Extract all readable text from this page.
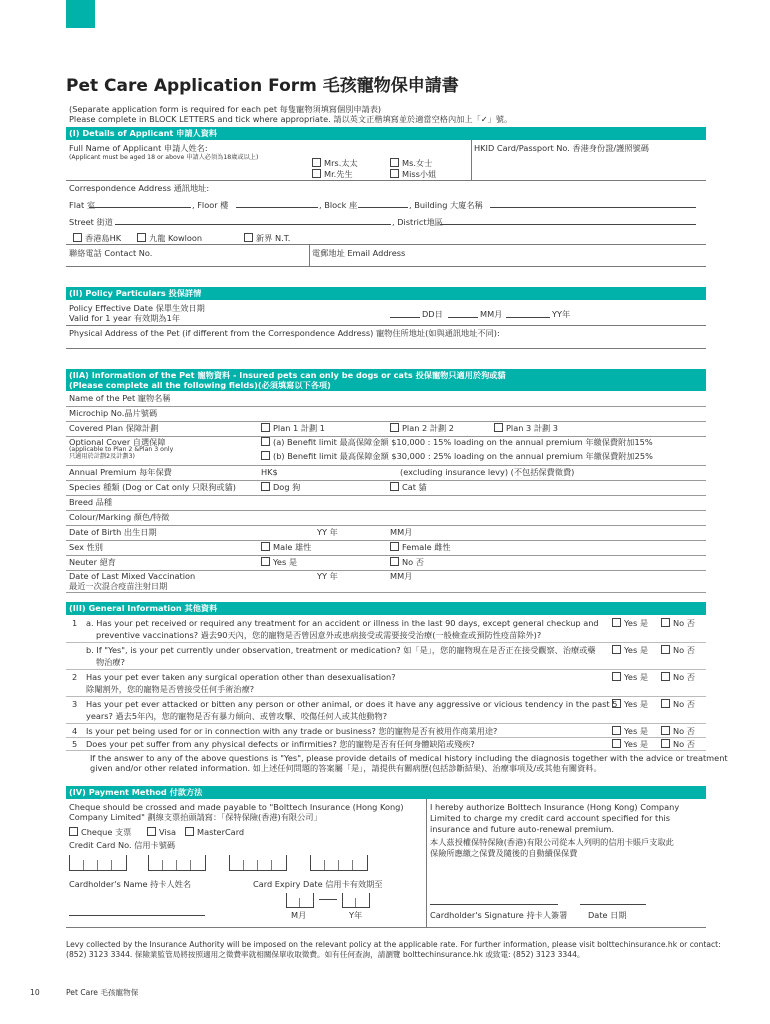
Pet Care Application Form 毛孩寵物保申請書
(Separate application form is required for each pet 每隻寵物須填寫個別申請表)
Please complete in BLOCK LETTERS and tick where appropriate. 請以英文正楷填寫並於適當空格內加上「✓」號。
(I) Details of Applicant 申請人資料
Full Name of Applicant 申請人姓名:
(Applicant must be aged 18 or above 申請人必須為18歲或以上)
HKID Card/Passport No. 香港身份證/護照號碼
Mrs.太太	Ms.女士
Mr.先生	Miss小姐
Correspondence Address 通訊地址:
Flat 室	, Floor 樓	, Block 座	, Building 大廈名稱
Street 街道	, District地區
香港島HK	九龍 Kowloon	新界 N.T.
聯絡電話 Contact No.	電郵地址 Email Address
(II) Policy Particulars 投保詳情
Policy Effective Date 保單生效日期
Valid for 1 year 有效期為1年	DD日	MM月	YY年
Physical Address of the Pet (if different from the Correspondence Address) 寵物住所地址(如與通訊地址不同):
(IIA) Information of the Pet 寵物資料 - Insured pets can only be dogs or cats 投保寵物只適用於狗或貓
(Please complete all the following fields)(必須填寫以下各項)
Name of the Pet 寵物名稱
Microchip No.晶片號碼
Covered Plan 保障計劃	Plan 1 計劃 1	Plan 2 計劃 2	Plan 3 計劃 3
Optional Cover 自選保障
(applicable to Plan 2 &Plan 3 only
只適用於計劃2及計劃3)
(a) Benefit limit 最高保障金額 $10,000 : 15% loading on the annual premium 年繳保費附加15%
(b) Benefit limit 最高保障金額 $30,000 : 25% loading on the annual premium 年繳保費附加25%
Annual Premium 每年保費	HK$	(excluding insurance levy) (不包括保費徵費)
Species 種類 (Dog or Cat only 只限狗或貓)	Dog 狗	Cat 貓
Breed 品種
Colour/Marking 顏色/特徵
Date of Birth 出生日期	YY 年	MM月
Sex 性別	Male 雄性	Female 雌性
Neuter 絕育	Yes 是	No 否
Date of Last Mixed Vaccination
最近一次混合疫苗注射日期
YY 年	MM月
(III) General Information 其他資料
1 a. Has your pet received or required any treatment for an accident or illness in the last 90 days, except general checkup and
preventive vaccinations? 過去90天內，您的寵物是否曾因意外或患病接受或需要接受治療(一般檢查或預防性疫苗除外)?
Yes 是	No 否
b. If "Yes", is your pet currently under observation, treatment or medication? 如「是」，您的寵物現在是否正在接受觀察、治療或藥
物治療?
Yes 是	No 否
2 Has your pet ever taken any surgical operation other than desexualisation?
除閹割外，您的寵物是否曾接受任何手術治療?
Yes 是	No 否
3 Has your pet ever attacked or bitten any person or other animal, or does it have any aggressive or vicious tendency in the past 5
years? 過去5年內，您的寵物是否有暴力傾向、或曾攻擊、咬傷任何人或其他動物?
Yes 是	No 否
4 Is your pet being used for or in connection with any trade or business? 您的寵物是否有被用作商業用途?	Yes 是	No 否
5 Does your pet suffer from any physical defects or infirmities? 您的寵物是否有任何身體缺陷或殘疾?	Yes 是	No 否
If the answer to any of the above questions is "Yes", please provide details of medical history including the diagnosis together with the advice or treatment
given and/or other related information. 如上述任何問題的答案屬「是」，請提供有關病歷(包括診斷結果)、治療事項及/或其他有關資料。
(IV) Payment Method 付款方法
Cheque should be crossed and made payable to "Bolttech Insurance (Hong Kong)
Company Limited" 劃線支票抬頭請寫：「保特保險(香港)有限公司」
Cheque 支票	Visa	MasterCard
Credit Card No. 信用卡號碼
Cardholder's Name 持卡人姓名	Card Expiry Date 信用卡有效期至
M月	Y年
I hereby authorize Bolttech Insurance (Hong Kong) Company
Limited to charge my credit card account specified for this
insurance and future auto-renewal premium.
本人茲授權保特保險(香港)有限公司從本人列明的信用卡賬戶支取此
保險所應繳之保費及隨後的自動續保保費
Cardholder's Signature 持卡人簽署	Date 日期
Levy collected by the Insurance Authority will be imposed on the relevant policy at the applicable rate. For further information, please visit bolttechinsurance.hk or contact:
(852) 3123 3344. 保險業監管局將按照適用之徵費率就相關保單收取徵費。如有任何查詢，請瀏覽 bolttechinsurance.hk 或致電: (852) 3123 3344。
10	Pet Care 毛孩寵物保
